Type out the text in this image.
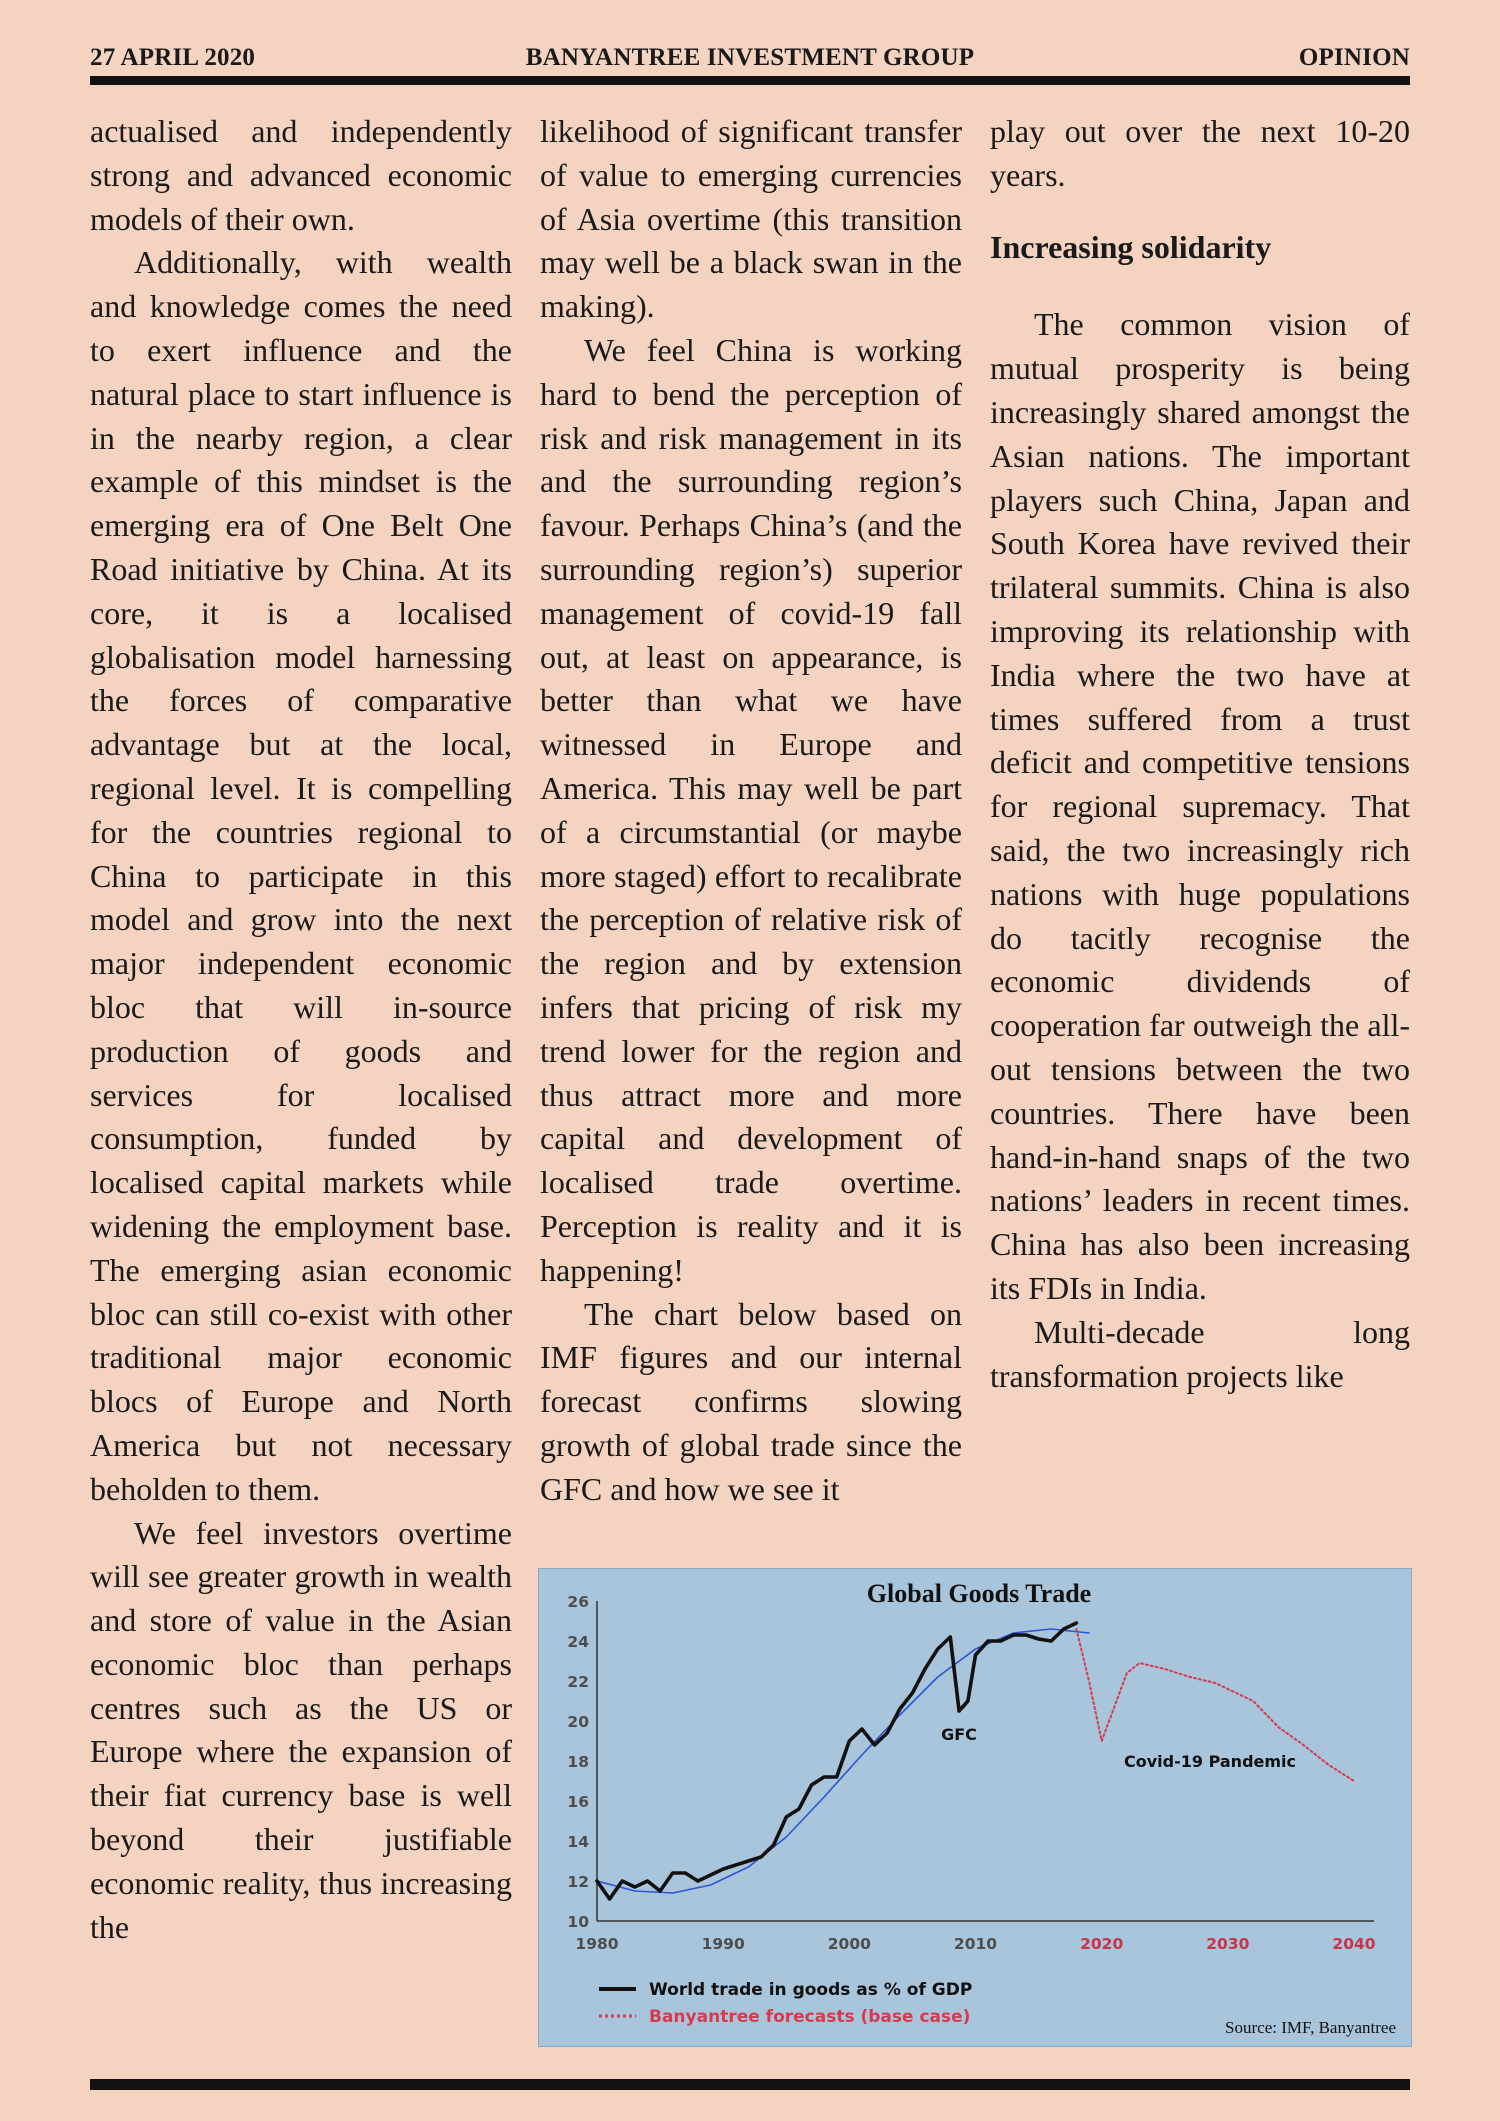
27 APRIL 2020	BANYANTREE INVESTMENT GROUP	OPINION

actualised and independently strong and advanced economic models of their own.

Additionally, with wealth and knowledge comes the need to exert influence and the natural place to start influence is in the nearby region, a clear example of this mindset is the emerging era of One Belt One Road initiative by China. At its core, it is a localised globalisation model harnessing the forces of comparative advantage but at the local, regional level. It is compelling for the countries regional to China to participate in this model and grow into the next major independent economic bloc that will in-source production of goods and services for localised consumption, funded by localised capital markets while widening the employment base. The emerging asian economic bloc can still co-exist with other traditional major economic blocs of Europe and North America but not necessary beholden to them.

We feel investors overtime will see greater growth in wealth and store of value in the Asian economic bloc than perhaps centres such as the US or Europe where the expansion of their fiat currency base is well beyond their justifiable economic reality, thus increasing the

likelihood of significant transfer of value to emerging currencies of Asia overtime (this transition may well be a black swan in the making).

We feel China is working hard to bend the perception of risk and risk management in its and the surrounding region’s favour. Perhaps China’s (and the surrounding region’s) superior management of covid-19 fall out, at least on appearance, is better than what we have witnessed in Europe and America. This may well be part of a circumstantial (or maybe more staged) effort to recalibrate the perception of relative risk of the region and by extension infers that pricing of risk my trend lower for the region and thus attract more and more capital and development of localised trade overtime. Perception is reality and it is happening!

The chart below based on IMF figures and our internal forecast confirms slowing growth of global trade since the GFC and how we see it

play out over the next 10-20 years.

Increasing solidarity

The common vision of mutual prosperity is being increasingly shared amongst the Asian nations. The important players such China, Japan and South Korea have revived their trilateral summits. China is also improving its relationship with India where the two have at times suffered from a trust deficit and competitive tensions for regional supremacy. That said, the two increasingly rich nations with huge populations do tacitly recognise the economic dividends of cooperation far outweigh the all-out tensions between the two countries. There have been hand-in-hand snaps of the two nations’ leaders in recent times. China has also been increasing its FDIs in India.

Multi-decade long transformation projects like

Global Goods Trade
10
12
14
16
18
20
22
24
26
1980	1990	2000	2010	2020	2030	2040
GFC
Covid-19 Pandemic
World trade in goods as % of GDP
Banyantree forecasts (base case)
Source: IMF, Banyantree
